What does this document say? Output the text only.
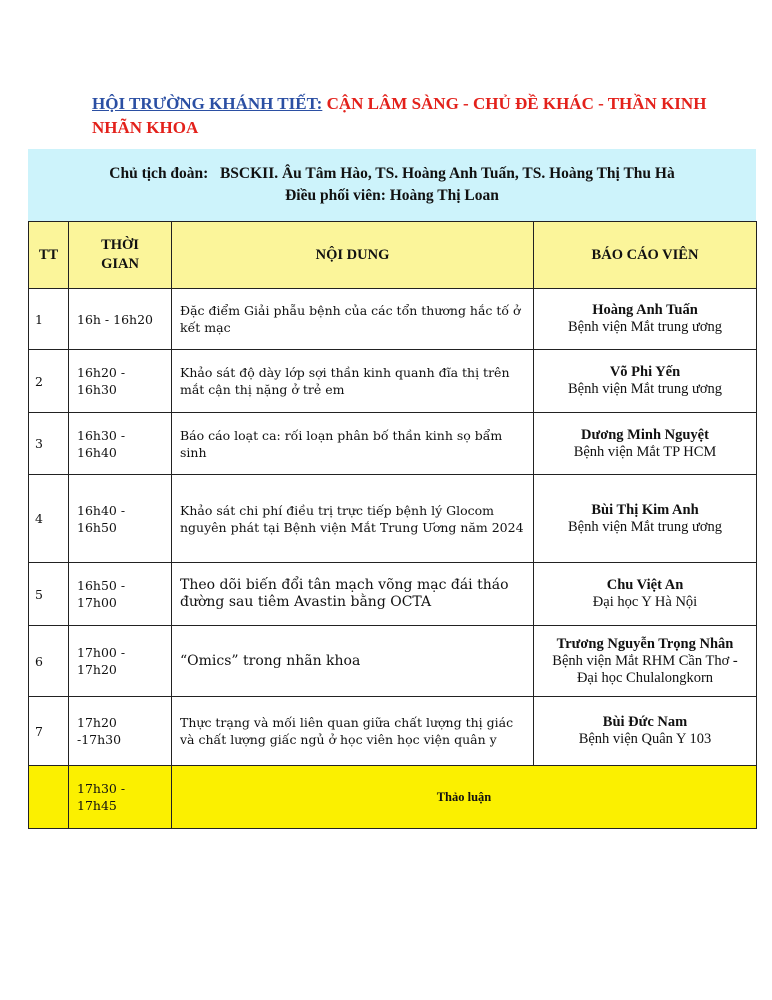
HỘI TRƯỜNG KHÁNH TIẾT: CẬN LÂM SÀNG - CHỦ ĐỀ KHÁC - THẦN KINH NHÃN KHOA
Chủ tịch đoàn:   BSCKII. Âu Tâm Hào, TS. Hoàng Anh Tuấn, TS. Hoàng Thị Thu Hà
Điều phối viên: Hoàng Thị Loan
TT	THỜI GIAN	NỘI DUNG	BÁO CÁO VIÊN
1	16h - 16h20	Đặc điểm Giải phẫu bệnh của các tổn thương hắc tố ở kết mạc	Hoàng Anh Tuấn
Bệnh viện Mắt trung ương

2	16h20 - 16h30	Khảo sát độ dày lớp sợi thần kinh quanh đĩa thị trên mắt cận thị nặng ở trẻ em	Võ Phi Yến
Bệnh viện Mắt trung ương

3	16h30 - 16h40	Báo cáo loạt ca: rối loạn phân bố thần kinh sọ bẩm sinh	Dương Minh Nguyệt
Bệnh viện Mắt TP HCM

4	16h40 - 16h50	Khảo sát chi phí điều trị trực tiếp bệnh lý Glocom nguyên phát tại Bệnh viện Mắt Trung Ương năm 2024	Bùi Thị Kim Anh
Bệnh viện Mắt trung ương

5	16h50 - 17h00	Theo dõi biến đổi tân mạch võng mạc đái tháo đường sau tiêm Avastin bằng OCTA	Chu Việt An
Đại học Y Hà Nội

6	17h00 - 17h20	“Omics” trong nhãn khoa	Trương Nguyễn Trọng Nhân
Bệnh viện Mắt RHM Cần Thơ - Đại học Chulalongkorn

7	17h20 -17h30	Thực trạng và mối liên quan giữa chất lượng thị giác và chất lượng giấc ngủ ở học viên học viện quân y	Bùi Đức Nam
Bệnh viện Quân Y 103

	17h30 - 17h45	Thảo luận	
